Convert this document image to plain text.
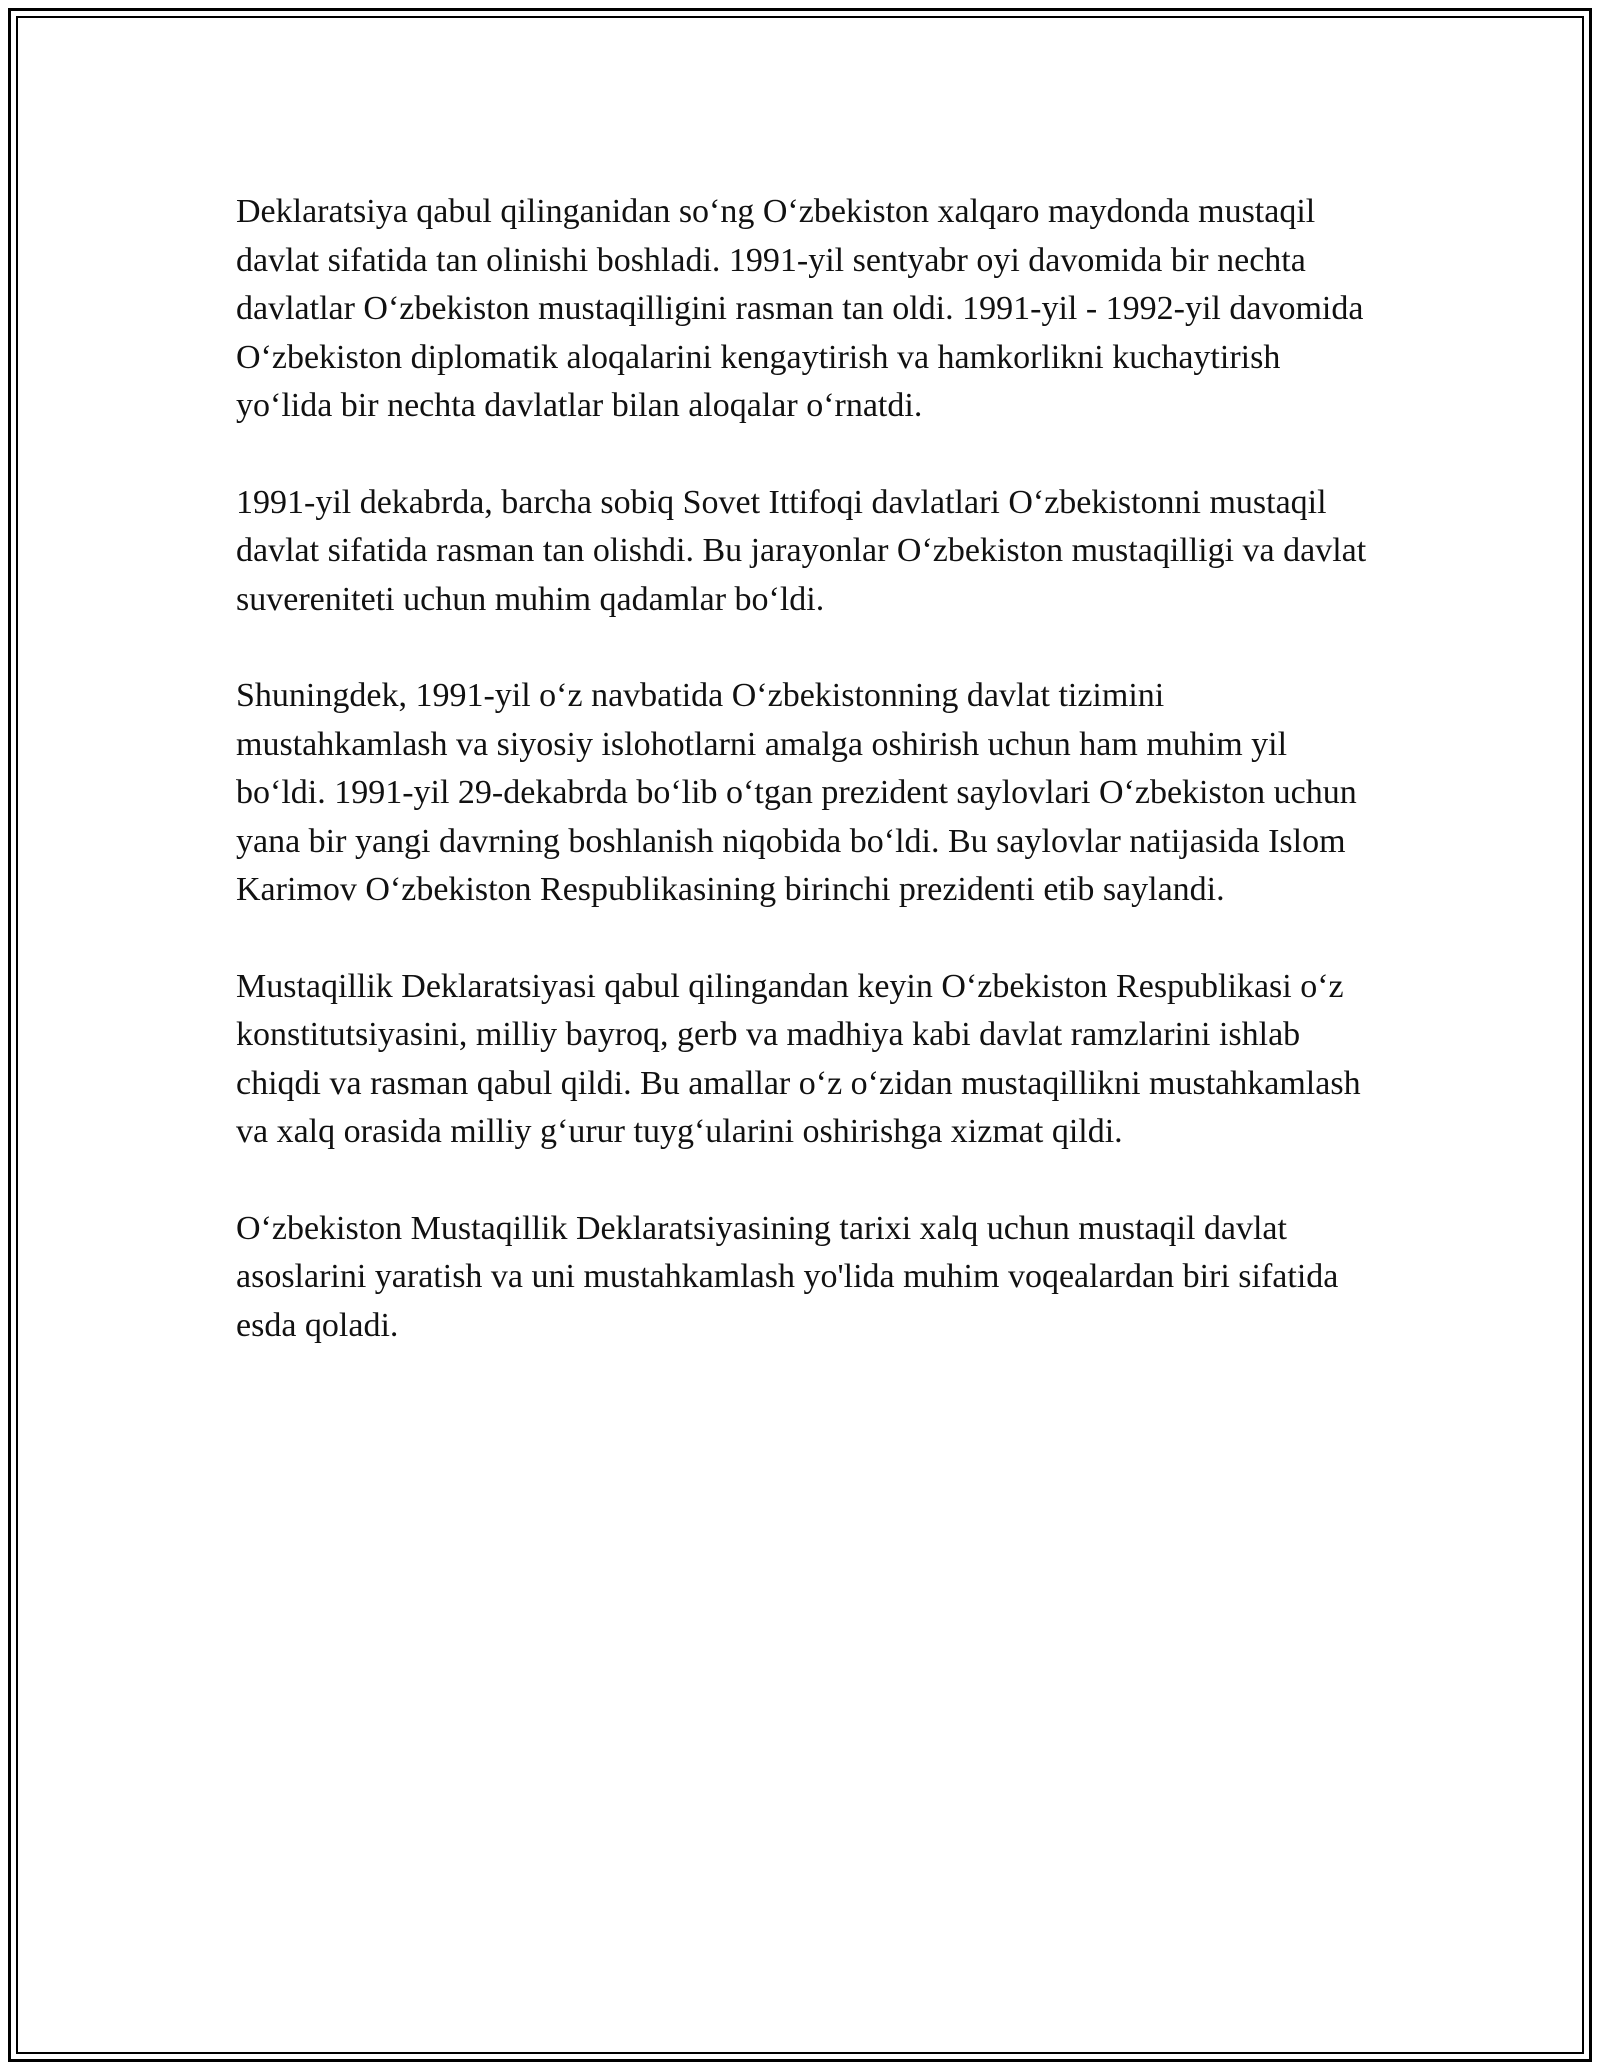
Deklaratsiya qabul qilinganidan so‘ng O‘zbekiston xalqaro maydonda mustaqil davlat sifatida tan olinishi boshladi. 1991-yil sentyabr oyi davomida bir nechta davlatlar O‘zbekiston mustaqilligini rasman tan oldi. 1991-yil - 1992-yil davomida O‘zbekiston diplomatik aloqalarini kengaytirish va hamkorlikni kuchaytirish yo‘lida bir nechta davlatlar bilan aloqalar o‘rnatdi.

1991-yil dekabrda, barcha sobiq Sovet Ittifoqi davlatlari O‘zbekistonni mustaqil davlat sifatida rasman tan olishdi. Bu jarayonlar O‘zbekiston mustaqilligi va davlat suvereniteti uchun muhim qadamlar bo‘ldi.

Shuningdek, 1991-yil o‘z navbatida O‘zbekistonning davlat tizimini mustahkamlash va siyosiy islohotlarni amalga oshirish uchun ham muhim yil bo‘ldi. 1991-yil 29-dekabrda bo‘lib o‘tgan prezident saylovlari O‘zbekiston uchun yana bir yangi davrning boshlanish niqobida bo‘ldi. Bu saylovlar natijasida Islom Karimov O‘zbekiston Respublikasining birinchi prezidenti etib saylandi.

Mustaqillik Deklaratsiyasi qabul qilingandan keyin O‘zbekiston Respublikasi o‘z konstitutsiyasini, milliy bayroq, gerb va madhiya kabi davlat ramzlarini ishlab chiqdi va rasman qabul qildi. Bu amallar o‘z o‘zidan mustaqillikni mustahkamlash va xalq orasida milliy g‘urur tuyg‘ularini oshirishga xizmat qildi.

O‘zbekiston Mustaqillik Deklaratsiyasining tarixi xalq uchun mustaqil davlat asoslarini yaratish va uni mustahkamlash yo'lida muhim voqealardan biri sifatida esda qoladi.
